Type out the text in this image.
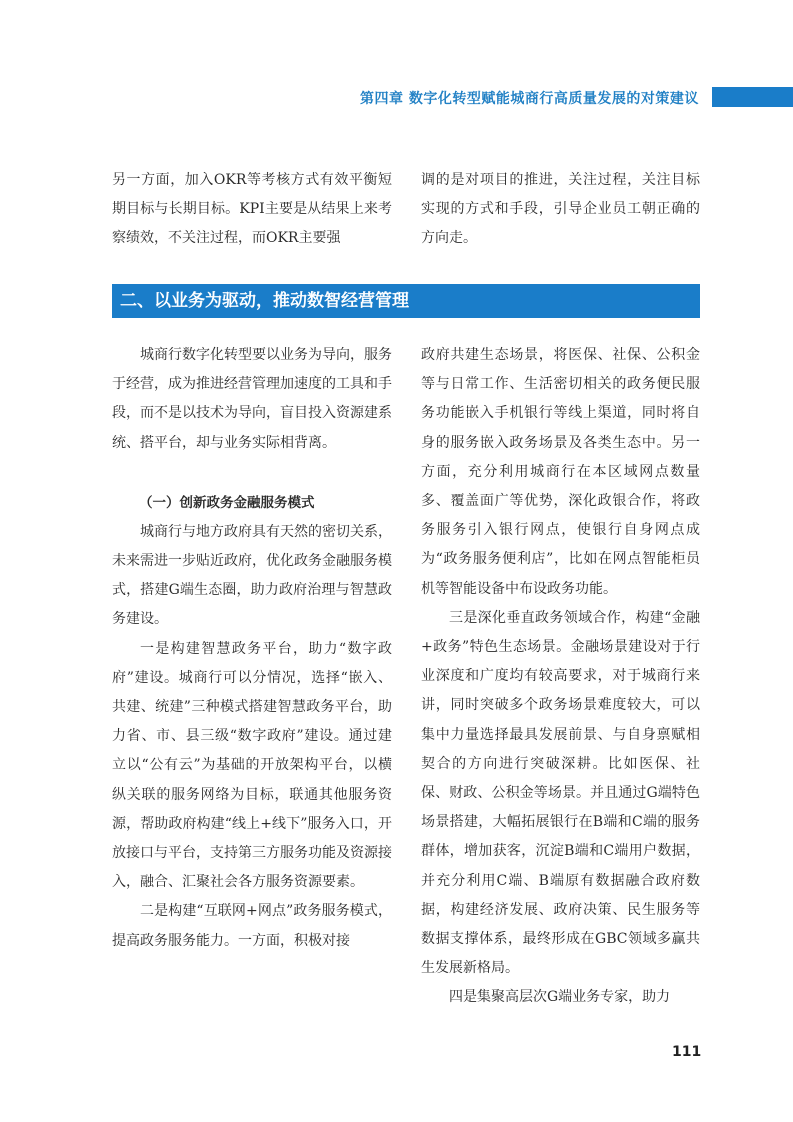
第四章 数字化转型赋能城商行高质量发展的对策建议

另一方面，加入OKR等考核方式有效平衡短期目标与长期目标。KPI主要是从结果上来考察绩效，不关注过程，而OKR主要强

调的是对项目的推进，关注过程，关注目标实现的方式和手段，引导企业员工朝正确的方向走。

二、以业务为驱动，推动数智经营管理

城商行数字化转型要以业务为导向，服务于经营，成为推进经营管理加速度的工具和手段，而不是以技术为导向，盲目投入资源建系统、搭平台，却与业务实际相背离。

（一）创新政务金融服务模式

城商行与地方政府具有天然的密切关系，未来需进一步贴近政府，优化政务金融服务模式，搭建G端生态圈，助力政府治理与智慧政务建设。

一是构建智慧政务平台，助力“数字政府”建设。城商行可以分情况，选择“嵌入、共建、统建”三种模式搭建智慧政务平台，助力省、市、县三级“数字政府”建设。通过建立以“公有云”为基础的开放架构平台，以横纵关联的服务网络为目标，联通其他服务资源，帮助政府构建“线上+线下”服务入口，开放接口与平台，支持第三方服务功能及资源接入，融合、汇聚社会各方服务资源要素。

二是构建“互联网+网点”政务服务模式，提高政务服务能力。一方面，积极对接

政府共建生态场景，将医保、社保、公积金等与日常工作、生活密切相关的政务便民服务功能嵌入手机银行等线上渠道，同时将自身的服务嵌入政务场景及各类生态中。另一方面，充分利用城商行在本区域网点数量多、覆盖面广等优势，深化政银合作，将政务服务引入银行网点，使银行自身网点成为“政务服务便利店”，比如在网点智能柜员机等智能设备中布设政务功能。

三是深化垂直政务领域合作，构建“金融+政务”特色生态场景。金融场景建设对于行业深度和广度均有较高要求，对于城商行来讲，同时突破多个政务场景难度较大，可以集中力量选择最具发展前景、与自身禀赋相契合的方向进行突破深耕。比如医保、社保、财政、公积金等场景。并且通过G端特色场景搭建，大幅拓展银行在B端和C端的服务群体，增加获客，沉淀B端和C端用户数据，并充分利用C端、B端原有数据融合政府数据，构建经济发展、政府决策、民生服务等数据支撑体系，最终形成在GBC领域多赢共生发展新格局。

四是集聚高层次G端业务专家，助力

111
